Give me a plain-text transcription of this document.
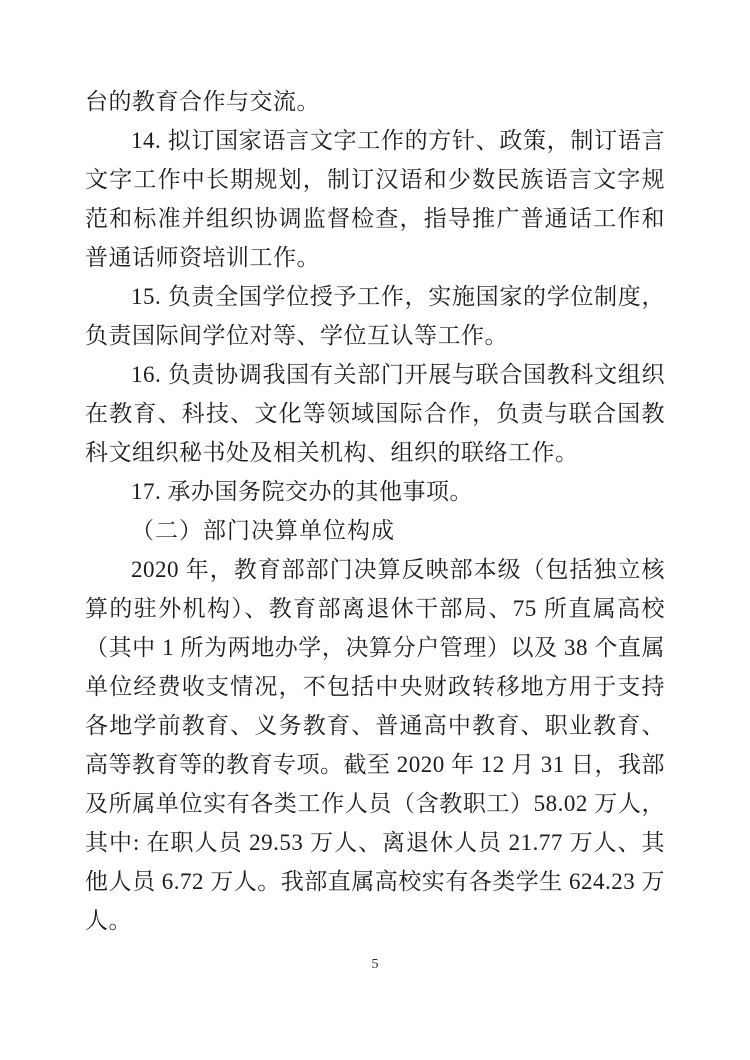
台的教育合作与交流。

14. 拟订国家语言文字工作的方针、政策，制订语言文字工作中长期规划，制订汉语和少数民族语言文字规范和标准并组织协调监督检查，指导推广普通话工作和普通话师资培训工作。

15. 负责全国学位授予工作，实施国家的学位制度，负责国际间学位对等、学位互认等工作。

16. 负责协调我国有关部门开展与联合国教科文组织在教育、科技、文化等领域国际合作，负责与联合国教科文组织秘书处及相关机构、组织的联络工作。

17. 承办国务院交办的其他事项。

（二）部门决算单位构成

2020 年，教育部部门决算反映部本级（包括独立核算的驻外机构）、教育部离退休干部局、75 所直属高校（其中 1 所为两地办学，决算分户管理）以及 38 个直属单位经费收支情况，不包括中央财政转移地方用于支持各地学前教育、义务教育、普通高中教育、职业教育、高等教育等的教育专项。截至 2020 年 12 月 31 日，我部及所属单位实有各类工作人员（含教职工）58.02 万人，其中: 在职人员 29.53 万人、离退休人员 21.77 万人、其他人员 6.72 万人。我部直属高校实有各类学生 624.23 万人。

5
